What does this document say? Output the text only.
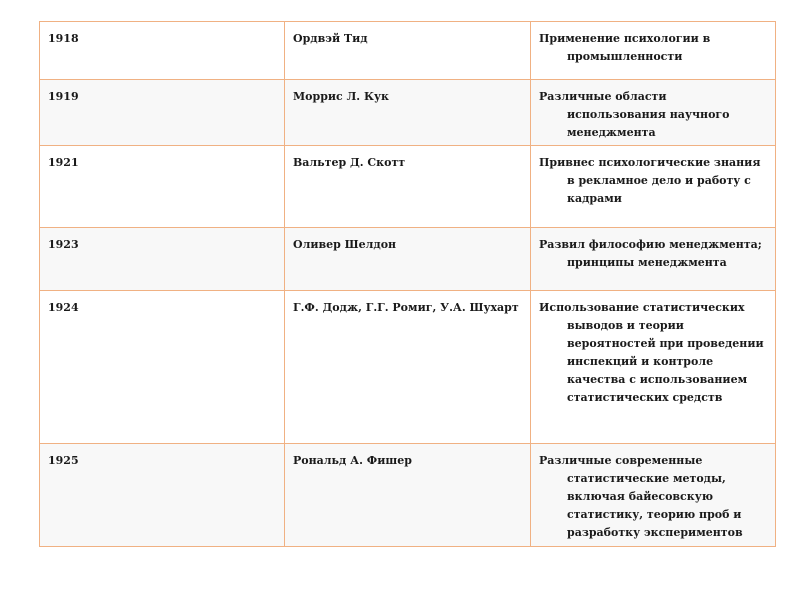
1918	Ордвэй Тид	Применение психологии в промышленности

1919	Моррис Л. Кук	Различные области использования научного менеджмента

1921	Вальтер Д. Скотт	Привнес психологические знания в рекламное дело и работу с кадрами

1923	Оливер Шелдон	Развил философию менеджмента; принципы менеджмента

1924	Г.Ф. Додж, Г.Г. Ромиг, У.А. Шухарт	Использование статистических выводов и теории вероятностей при проведении инспекций и контроле качества с использованием статистических средств

1925	Рональд А. Фишер	Различные современные статистические методы, включая байесовскую статистику, теорию проб и разработку экспериментов
